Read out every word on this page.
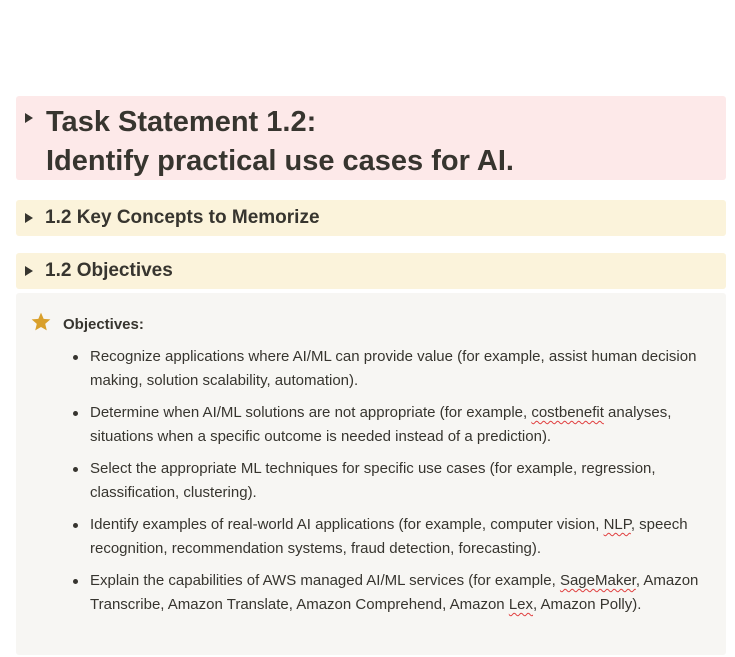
Task Statement 1.2:
Identify practical use cases for AI.
1.2 Key Concepts to Memorize
1.2 Objectives
Objectives:
Recognize applications where AI/ML can provide value (for example, assist human decision making, solution scalability, automation).
Determine when AI/ML solutions are not appropriate (for example, costbenefit analyses, situations when a specific outcome is needed instead of a prediction).
Select the appropriate ML techniques for specific use cases (for example, regression, classification, clustering).
Identify examples of real-world AI applications (for example, computer vision, NLP, speech recognition, recommendation systems, fraud detection, forecasting).
Explain the capabilities of AWS managed AI/ML services (for example, SageMaker, Amazon Transcribe, Amazon Translate, Amazon Comprehend, Amazon Lex, Amazon Polly).
